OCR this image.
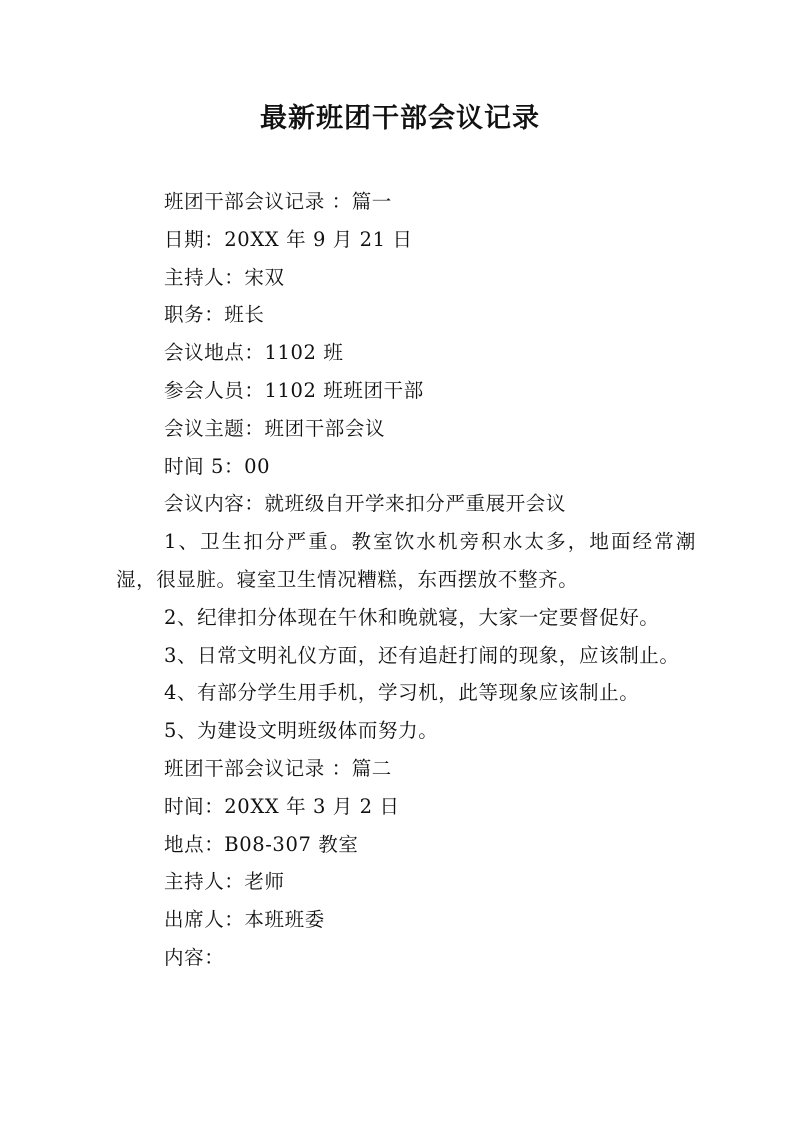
最新班团干部会议记录

班团干部会议记录 ：篇一

日期：20XX 年 9 月 21 日

主持人：宋双

职务：班长

会议地点：1102 班

参会人员：1102 班班团干部

会议主题：班团干部会议

时间 5：00

会议内容：就班级自开学来扣分严重展开会议

1、卫生扣分严重。教室饮水机旁积水太多，地面经常潮湿，很显脏。寝室卫生情况糟糕，东西摆放不整齐。

2、纪律扣分体现在午休和晚就寝，大家一定要督促好。

3、日常文明礼仪方面，还有追赶打闹的现象，应该制止。

4、有部分学生用手机，学习机，此等现象应该制止。

5、为建设文明班级体而努力。

班团干部会议记录 ：篇二

时间：20XX 年 3 月 2 日

地点：B08-307 教室

主持人：老师

出席人：本班班委

内容：
